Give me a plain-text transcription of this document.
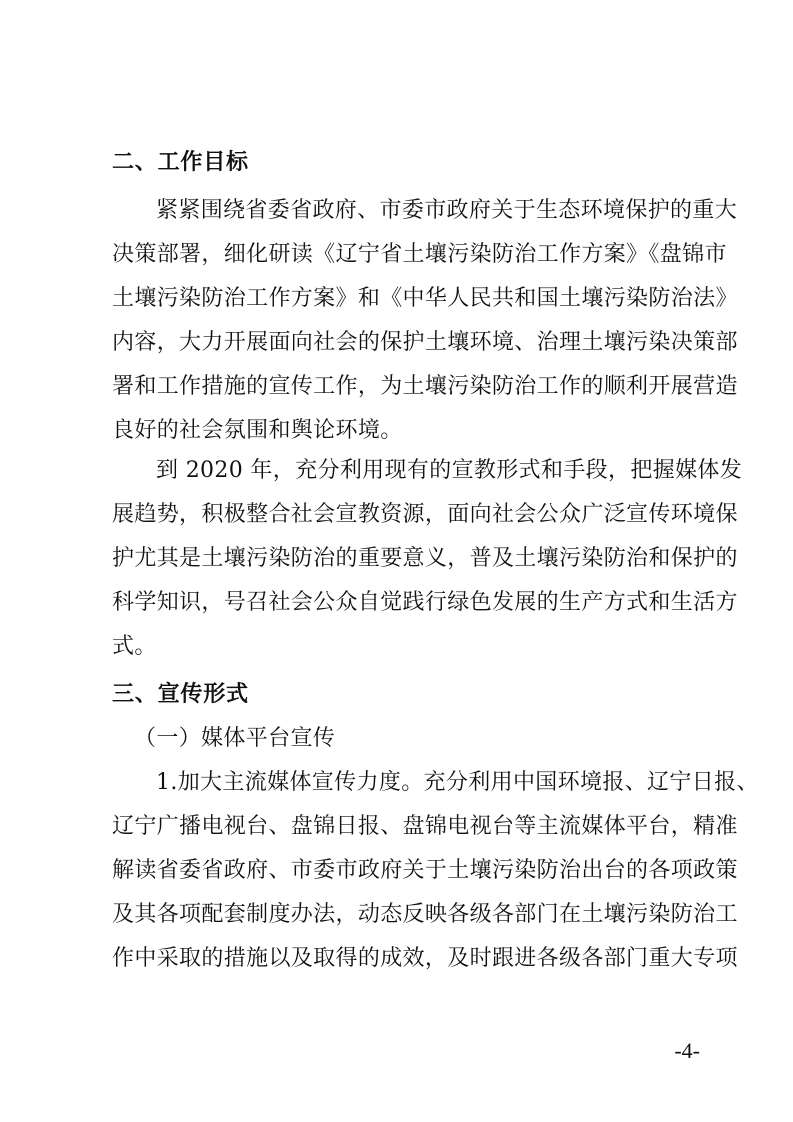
二、工作目标
紧紧围绕省委省政府、市委市政府关于生态环境保护的重大
决策部署，细化研读《辽宁省土壤污染防治工作方案》《盘锦市
土壤污染防治工作方案》和《中华人民共和国土壤污染防治法》
内容，大力开展面向社会的保护土壤环境、治理土壤污染决策部
署和工作措施的宣传工作，为土壤污染防治工作的顺利开展营造
良好的社会氛围和舆论环境。
到 2020 年，充分利用现有的宣教形式和手段，把握媒体发
展趋势，积极整合社会宣教资源，面向社会公众广泛宣传环境保
护尤其是土壤污染防治的重要意义，普及土壤污染防治和保护的
科学知识，号召社会公众自觉践行绿色发展的生产方式和生活方
式。
三、宣传形式
（一）媒体平台宣传
1.加大主流媒体宣传力度。充分利用中国环境报、辽宁日报、
辽宁广播电视台、盘锦日报、盘锦电视台等主流媒体平台，精准
解读省委省政府、市委市政府关于土壤污染防治出台的各项政策
及其各项配套制度办法，动态反映各级各部门在土壤污染防治工
作中采取的措施以及取得的成效，及时跟进各级各部门重大专项
-4-
